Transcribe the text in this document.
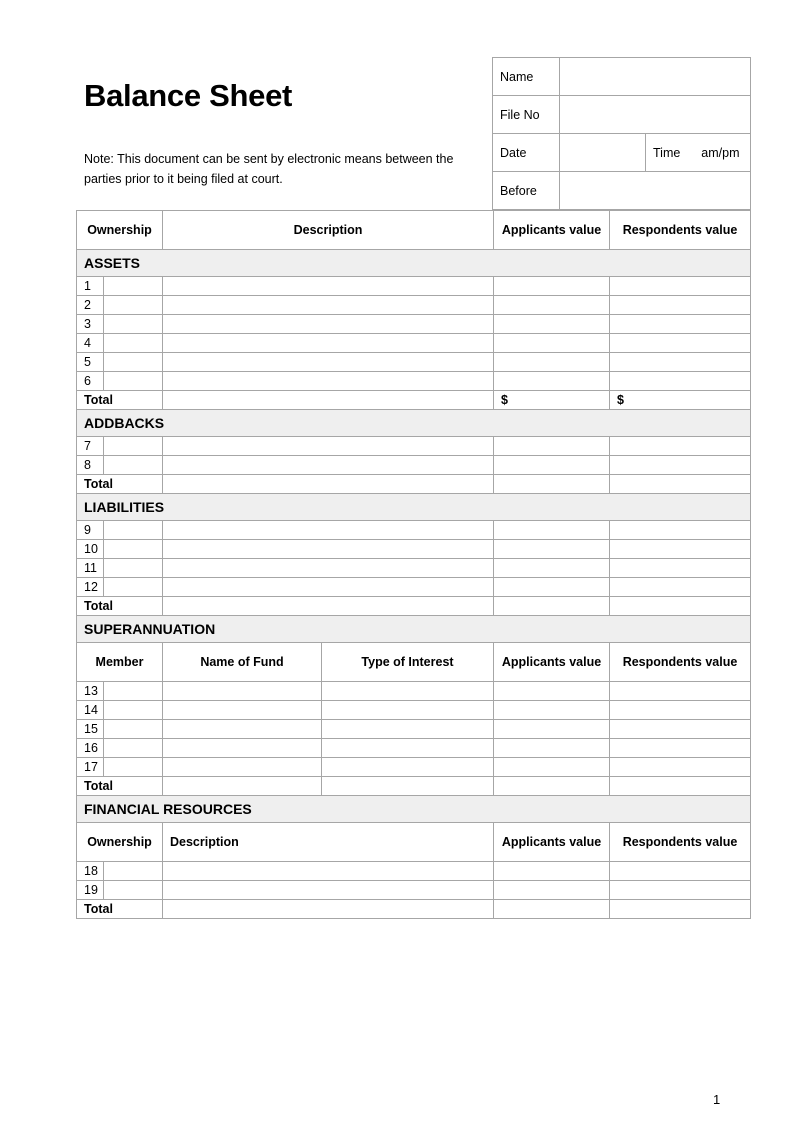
Balance Sheet
Note: This document can be sent by electronic means between the parties prior to it being filed at court.
Name		
File No		
Date		Time am/pm
Before		
Ownership		Description		Applicants value	Respondents value
ASSETS					
1					
2					
3					
4					
5					
6					
Total				$	$
ADDBACKS					
7					
8					
Total					
LIABILITIES					
9					
10					
11					
12					
Total					
SUPERANNUATION					
Member		Name of Fund	Type of Interest	Applicants value	Respondents value
13					
14					
15					
16					
17					
Total					
FINANCIAL RESOURCES					
Ownership		Description		Applicants value	Respondents value
18					
19					
Total					
1
